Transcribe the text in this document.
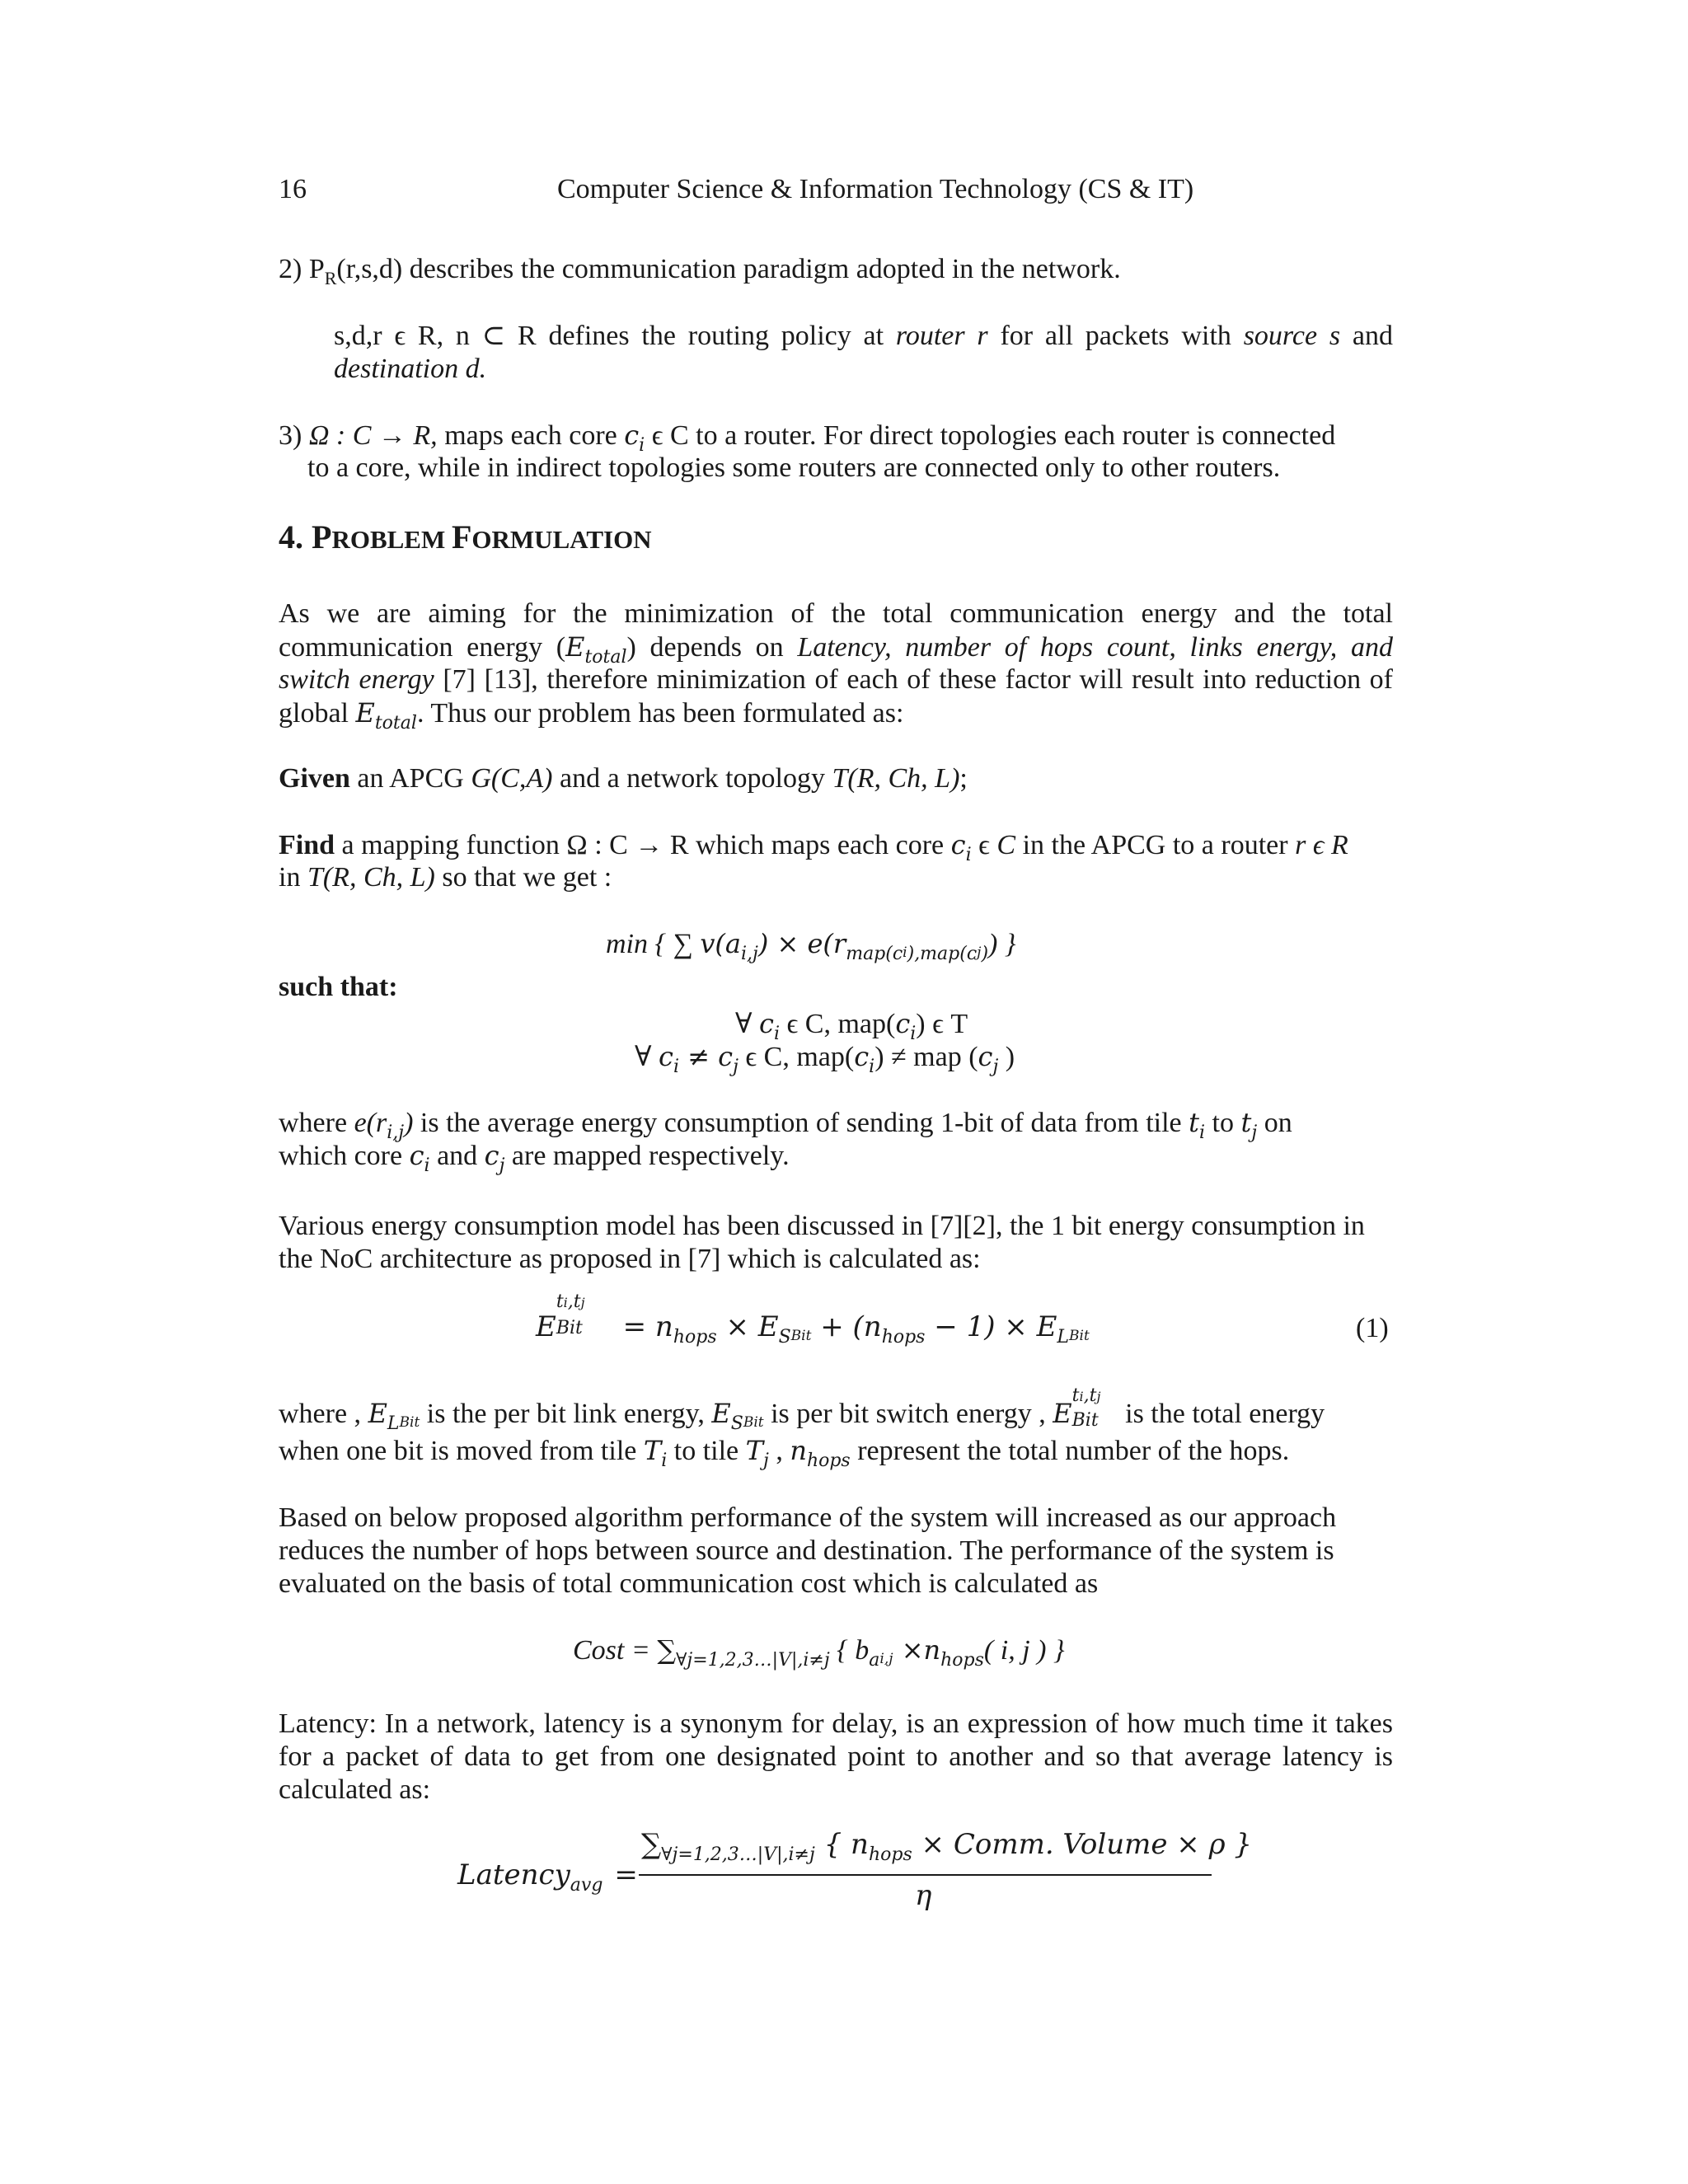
16	Computer Science & Information Technology (CS & IT)
2) $P_R(r,s,d)$ describes the communication paradigm adopted in the network.
s,d,r ϵ R, n ⊂ R defines the routing policy at router r for all packets with source s and
destination d.
3) Ω : C → R, maps each core $c_i$ ϵ C to a router. For direct topologies each router is connected
to a core, while in indirect topologies some routers are connected only to other routers.
4. PROBLEM FORMULATION
As we are aiming for the minimization of the total communication energy and the total
communication energy $(E_{total})$ depends on Latency, number of hops count, links energy, and
switch energy [7] [13], therefore minimization of each of these factor will result into reduction of
global $E_{total}$. Thus our problem has been formulated as:
Given an APCG G(C,A) and a network topology T(R, Ch, L);
Find a mapping function Ω : C → R which maps each core $c_i$ ϵ C in the APCG to a router r ϵ R
in T(R, Ch, L) so that we get :
min { ∑ $v(a_{i,j}) \times e(r_{map(c}i_{),map(c}j_))$ }
such that:
∀ $c_i$ ϵ C, $map(c_i)$ ϵ T
∀ $c_i \ne c_j$ ϵ C, $map(c_i)$ ≠ map ($c_j$ )
where $e(r_{i,j})$ is the average energy consumption of sending 1-bit of data from tile $t_i$ to $t_j$ on
which core $c_i$ and $c_j$ are mapped respectively.
Various energy consumption model has been discussed in [7][2], the 1 bit energy consumption in
the NoC architecture as proposed in [7] which is calculated as:
E
ti,tj
Bit = nhops × ESBit + (nhops − 1) × ELBit	(1)
where , $E_LBit$ is the per bit link energy, $E_SBit$ is per bit switch energy , E
ti,tj
Bit is the total energy
when one bit is moved from tile $T_i$ to tile $T_j$ , $n_{hops}$ represent the total number of the hops.
Based on below proposed algorithm performance of the system will increased as our approach
reduces the number of hops between source and destination. The performance of the system is
evaluated on the basis of total communication cost which is calculated as
Cost = $\sum_{\forall j=1,2,3\dots|V|,i\ne j}$ { $b_ai,j \times n_{hops}$( i, j ) }
Latency: In a network, latency is a synonym for delay, is an expression of how much time it takes
for a packet of data to get from one designated point to another and so that average latency is
calculated as:
Latencyavg =
∑∀j=1,2,3…|V|,i≠j { nhops × Comm. Volume × ρ }
η
